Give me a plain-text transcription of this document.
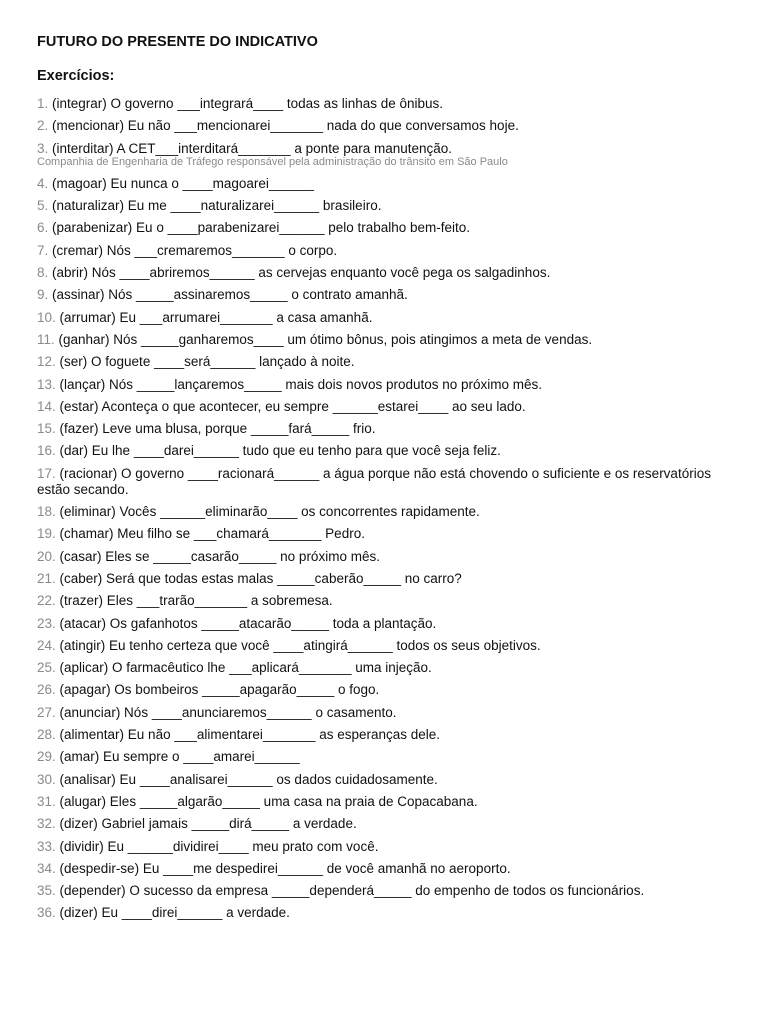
FUTURO DO PRESENTE DO INDICATIVO
Exercícios:
1. (integrar) O governo ___integrará____ todas as linhas de ônibus.
2. (mencionar) Eu não ___mencionarei_______ nada do que conversamos hoje.
3. (interditar) A CET___interditará_______ a ponte para manutenção.
Companhia de Engenharia de Tráfego responsável pela administração do trânsito em São Paulo
4. (magoar) Eu nunca o ____magoarei______
5. (naturalizar) Eu me ____naturalizarei______ brasileiro.
6. (parabenizar) Eu o ____parabenizarei______ pelo trabalho bem-feito.
7. (cremar) Nós ___cremaremos_______ o corpo.
8. (abrir) Nós ____abriremos______ as cervejas enquanto você pega os salgadinhos.
9. (assinar) Nós _____assinaremos_____ o contrato amanhã.
10. (arrumar) Eu ___arrumarei_______ a casa amanhã.
11. (ganhar) Nós _____ganharemos____ um ótimo bônus, pois atingimos a meta de vendas.
12. (ser) O foguete ____será______ lançado à noite.
13. (lançar) Nós _____lançaremos_____ mais dois novos produtos no próximo mês.
14. (estar) Aconteça o que acontecer, eu sempre ______estarei____ ao seu lado.
15. (fazer) Leve uma blusa, porque _____fará_____ frio.
16. (dar) Eu lhe ____darei______ tudo que eu tenho para que você seja feliz.
17. (racionar) O governo ____racionará______ a água porque não está chovendo o suficiente e os reservatórios estão secando.
18. (eliminar) Vocês ______eliminarão____ os concorrentes rapidamente.
19. (chamar) Meu filho se ___chamará_______ Pedro.
20. (casar) Eles se _____casarão_____ no próximo mês.
21. (caber) Será que todas estas malas _____caberão_____ no carro?
22. (trazer) Eles ___trarão_______ a sobremesa.
23. (atacar) Os gafanhotos _____atacarão_____ toda a plantação.
24. (atingir) Eu tenho certeza que você ____atingirá______ todos os seus objetivos.
25. (aplicar) O farmacêutico lhe ___aplicará_______ uma injeção.
26. (apagar) Os bombeiros _____apagarão_____ o fogo.
27. (anunciar) Nós ____anunciaremos______ o casamento.
28. (alimentar) Eu não ___alimentarei_______ as esperanças dele.
29. (amar) Eu sempre o ____amarei______
30. (analisar) Eu ____analisarei______ os dados cuidadosamente.
31. (alugar) Eles _____algarão_____ uma casa na praia de Copacabana.
32. (dizer) Gabriel jamais _____dirá_____ a verdade.
33. (dividir) Eu ______dividirei____ meu prato com você.
34. (despedir-se) Eu ____me despedirei______ de você amanhã no aeroporto.
35. (depender) O sucesso da empresa _____dependerá_____ do empenho de todos os funcionários.
36. (dizer) Eu ____direi______ a verdade.
